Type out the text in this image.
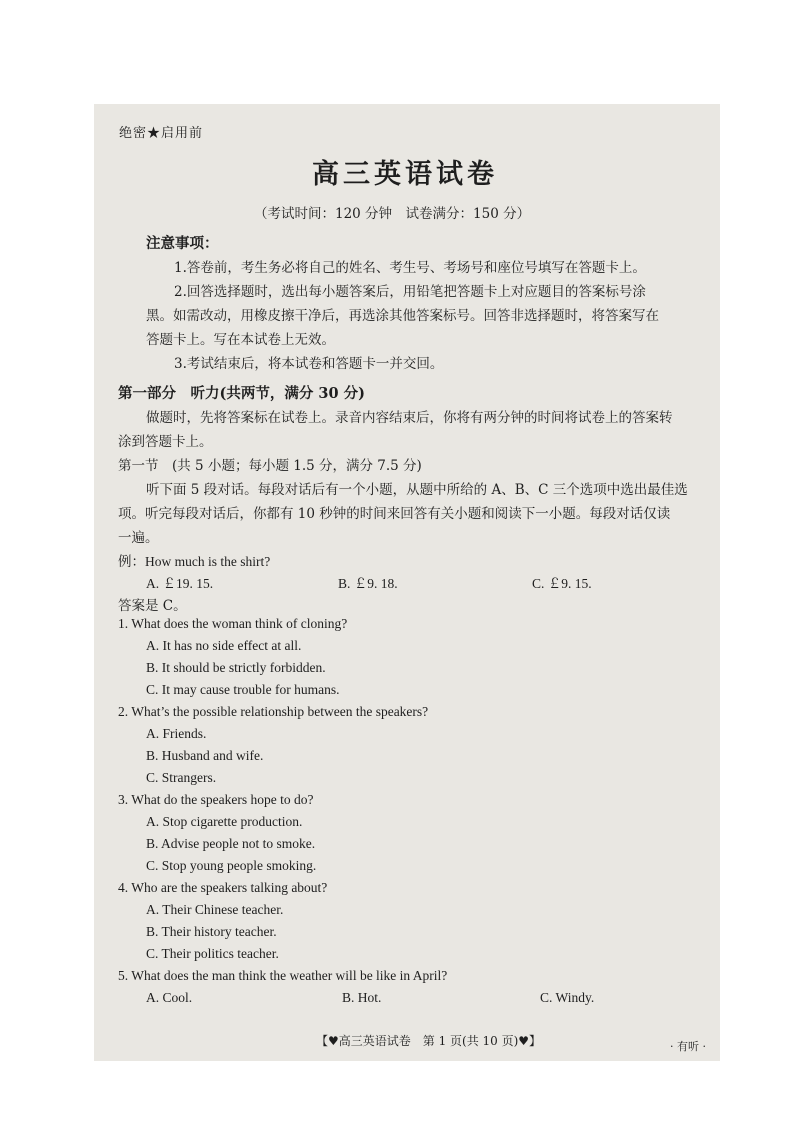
绝密★启用前
高三英语试卷
（考试时间：120 分钟　试卷满分：150 分）
注意事项：
1.答卷前，考生务必将自己的姓名、考生号、考场号和座位号填写在答题卡上。
2.回答选择题时，选出每小题答案后，用铅笔把答题卡上对应题目的答案标号涂
黑。如需改动，用橡皮擦干净后，再选涂其他答案标号。回答非选择题时，将答案写在
答题卡上。写在本试卷上无效。
3.考试结束后，将本试卷和答题卡一并交回。
第一部分　听力(共两节，满分 30 分)
做题时，先将答案标在试卷上。录音内容结束后，你将有两分钟的时间将试卷上的答案转
涂到答题卡上。
第一节　(共 5 小题；每小题 1.5 分，满分 7.5 分)
听下面 5 段对话。每段对话后有一个小题，从题中所给的 A、B、C 三个选项中选出最佳选
项。听完每段对话后，你都有 10 秒钟的时间来回答有关小题和阅读下一小题。每段对话仅读
一遍。
例：How much is the shirt?
A. ￡19. 15.	B. ￡9. 18.	C. ￡9. 15.
答案是 C。
1. What does the woman think of cloning?
A. It has no side effect at all.
B. It should be strictly forbidden.
C. It may cause trouble for humans.
2. What’s the possible relationship between the speakers?
A. Friends.
B. Husband and wife.
C. Strangers.
3. What do the speakers hope to do?
A. Stop cigarette production.
B. Advise people not to smoke.
C. Stop young people smoking.
4. Who are the speakers talking about?
A. Their Chinese teacher.
B. Their history teacher.
C. Their politics teacher.
5. What does the man think the weather will be like in April?
A. Cool.	B. Hot.	C. Windy.
【♥高三英语试卷　第 1 页(共 10 页)♥】	· 有听 ·
